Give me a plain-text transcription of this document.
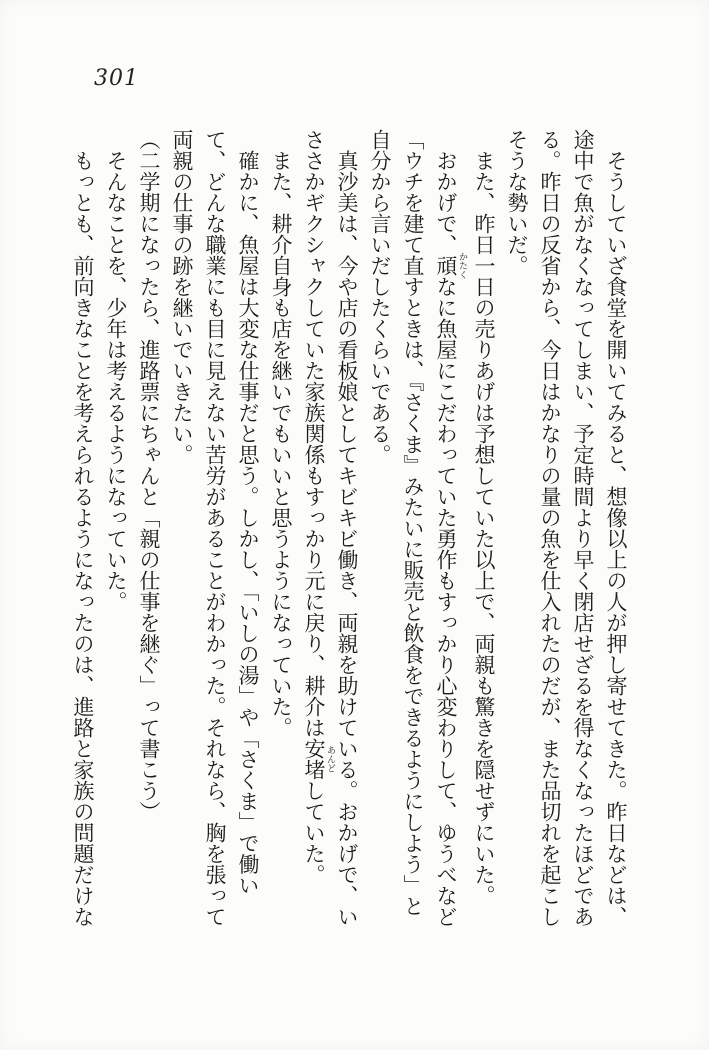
301

そうしていざ食堂を開いてみると、想像以上の人が押し寄せてきた。昨日などは、途中で魚がなくなってしまい、予定時間より早く閉店せざるを得なくなったほどである。昨日の反省から、今日はかなりの量の魚を仕入れたのだが、また品切れを起こしそうな勢いだ。

また、昨日一日の売りあげは予想していた以上で、両親も驚きを隠せずにいた。

おかげで、頑 かたくなに魚屋にこだわっていた勇作もすっかり心変わりして、ゆうべなど「ウチを建て直すときは、『さくま』みたいに販売と飲食をできるようにしよう」と自分から言いだしたくらいである。

真沙美は、今や店の看板娘としてキビキビ働き、両親を助けている。おかげで、いささかギクシャクしていた家族関係もすっかり元に戻り、耕介は安堵 あんどしていた。

また、耕介自身も店を継いでもいいと思うようになっていた。

確かに、魚屋は大変な仕事だと思う。しかし、「いしの湯」や「さくま」で働いて、どんな職業にも目に見えない苦労があることがわかった。それなら、胸を張って両親の仕事の跡を継いでいきたい。

（二学期になったら、進路票にちゃんと「親の仕事を継ぐ」って書こう）

そんなことを、少年は考えるようになっていた。

もっとも、前向きなことを考えられるようになったのは、進路と家族の問題だけな
